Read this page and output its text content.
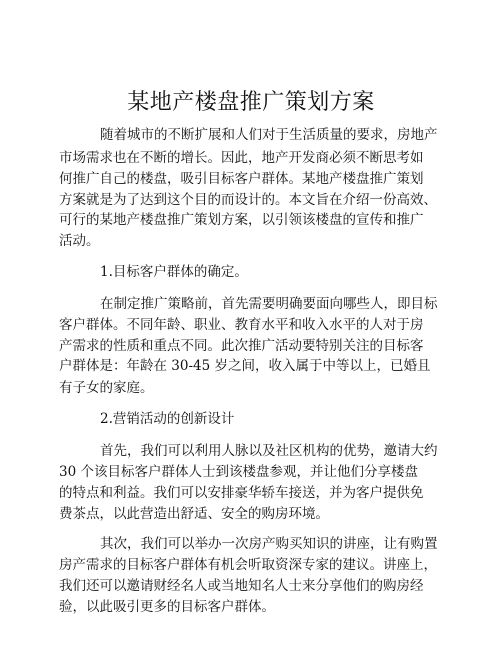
某地产楼盘推广策划方案
随着城市的不断扩展和人们对于生活质量的要求，房地产
市场需求也在不断的增长。因此，地产开发商必须不断思考如
何推广自己的楼盘，吸引目标客户群体。某地产楼盘推广策划
方案就是为了达到这个目的而设计的。本文旨在介绍一份高效、
可行的某地产楼盘推广策划方案，以引领该楼盘的宣传和推广
活动。
1.目标客户群体的确定。
在制定推广策略前，首先需要明确要面向哪些人，即目标
客户群体。不同年龄、职业、教育水平和收入水平的人对于房
产需求的性质和重点不同。此次推广活动要特别关注的目标客
户群体是：年龄在 30-45 岁之间，收入属于中等以上，已婚且
有子女的家庭。
2.营销活动的创新设计
首先，我们可以利用人脉以及社区机构的优势，邀请大约
30 个该目标客户群体人士到该楼盘参观，并让他们分享楼盘
的特点和利益。我们可以安排豪华轿车接送，并为客户提供免
费茶点，以此营造出舒适、安全的购房环境。
其次，我们可以举办一次房产购买知识的讲座，让有购置
房产需求的目标客户群体有机会听取资深专家的建议。讲座上，
我们还可以邀请财经名人或当地知名人士来分享他们的购房经
验，以此吸引更多的目标客户群体。
